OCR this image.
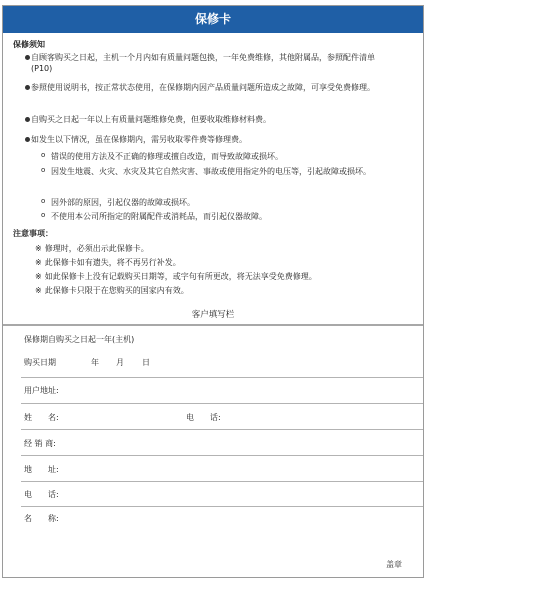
保修卡
保修须知
自顾客购买之日起，主机一个月内如有质量问题包换，一年免费维修，其他附属品，参照配件清单(P10)
参照使用说明书，按正常状态使用，在保修期内因产品质量问题所造成之故障，可享受免费修理。
自购买之日起一年以上有质量问题维修免费，但要收取维修材料费。
如发生以下情况，虽在保修期内，需另收取零件费等修理费。
o 错误的使用方法及不正确的修理或擅自改造，而导致故障或损坏。
o 因发生地震、火灾、水灾及其它自然灾害、事故或使用指定外的电压等，引起故障或损坏。
o 因外部的原因，引起仪器的故障或损坏。
o 不使用本公司所指定的附属配件或消耗品，而引起仪器故障。
注意事项：
※ 修理时，必须出示此保修卡。
※ 此保修卡如有遗失，将不再另行补发。
※ 如此保修卡上没有记载购买日期等，或字句有所更改，将无法享受免费修理。
※ 此保修卡只限于在您购买的国家内有效。
客户填写栏
保修期自购买之日起一年(主机)
购买日期	年 月 日
用户地址:
姓　　名:	电　　话:
经 销 商:
地　　址:
电　　话:
名　　称:
盖章
